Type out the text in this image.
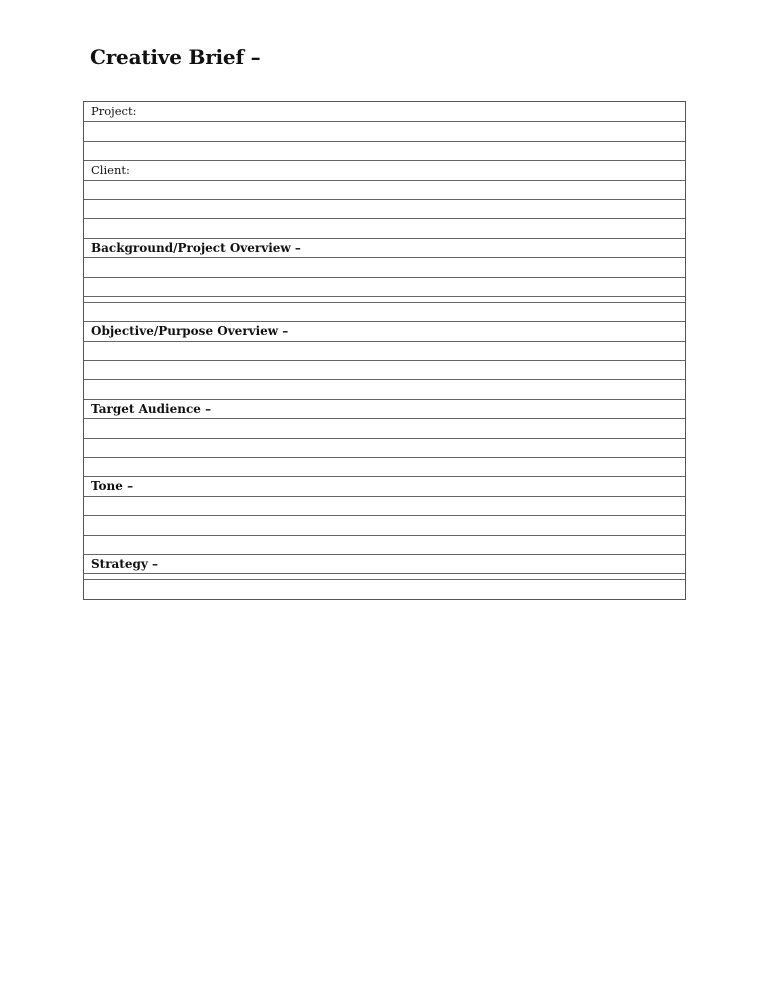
Creative Brief –
Project:
Client:
Background/Project Overview –
Objective/Purpose Overview –
Target Audience –
Tone –
Strategy –
